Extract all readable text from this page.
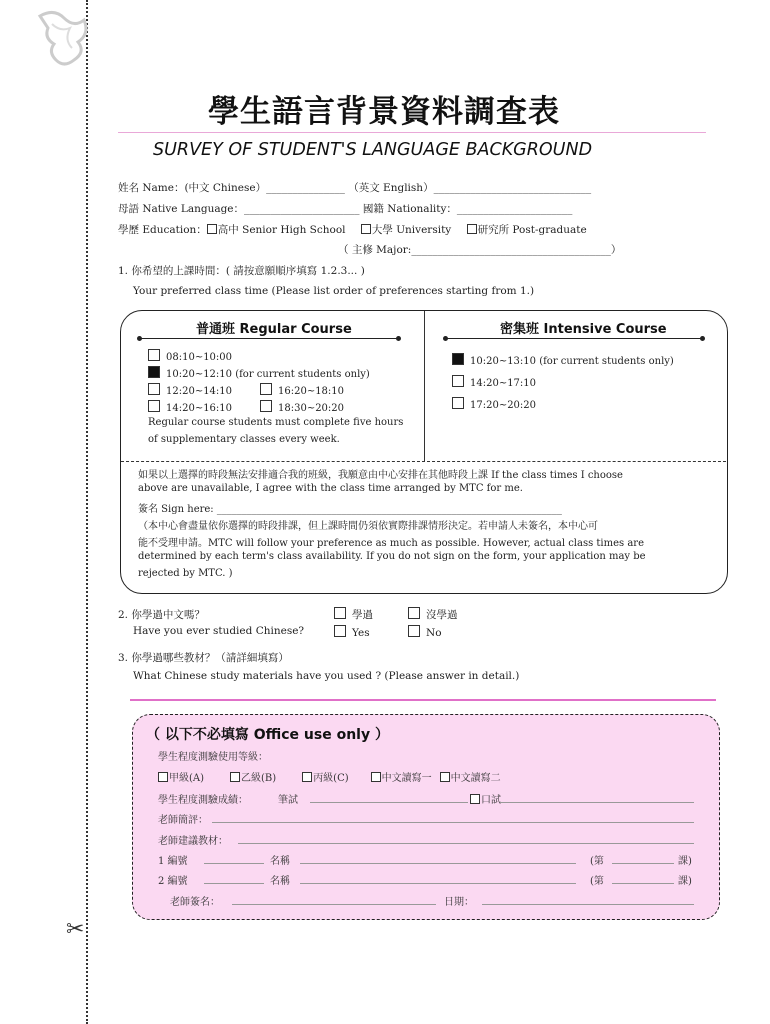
✂
學生語言背景資料調查表
SURVEY OF STUDENT'S LANGUAGE BACKGROUND
姓名 Name：(中文 Chinese）_______________ （英文 English）______________________________
母語 Native Language：______________________ 國籍 Nationality：______________________
學歷 Education： 高中 Senior High School	大學 University	研究所 Post-graduate
（ 主修 Major:______________________________________）
1. 你希望的上課時間：( 請按意願順序填寫 1.2.3... )
Your preferred class time (Please list order of preferences starting from 1.)
普通班 Regular Course
08:10~10:00
10:20~12:10 (for current students only)
12:20~14:10	16:20~18:10
14:20~16:10	18:30~20:20
Regular course students must complete five hours
of supplementary classes every week.
密集班 Intensive Course
10:20~13:10 (for current students only)
14:20~17:10
17:20~20:20
如果以上選擇的時段無法安排適合我的班級，我願意由中心安排在其他時段上課 If the class times I choose
above are unavailable, I agree with the class time arranged by MTC for me.
簽名 Sign here: _____________________________________________________________________
（本中心會盡量依你選擇的時段排課，但上課時間仍須依實際排課情形決定。若申請人未簽名，本中心可
能不受理申請。MTC will follow your preference as much as possible. However, actual class times are
determined by each term's class availability. If you do not sign on the form, your application may be
rejected by MTC. )
2. 你學過中文嗎？
Have you ever studied Chinese?
學過	沒學過
Yes	No
3. 你學過哪些教材？（請詳細填寫）
What Chinese study materials have you used ? (Please answer in detail.)
（ 以下不必填寫 Office use only ）
學生程度測驗使用等級：
甲級(A)	乙級(B)	丙級(C)	中文讀寫一 中文讀寫二
學生程度測驗成績：	筆試	口試
老師簡評：
老師建議教材：
1 編號	名稱	(第	課)
2 編號	名稱	(第	課)
老師簽名：	日期：
